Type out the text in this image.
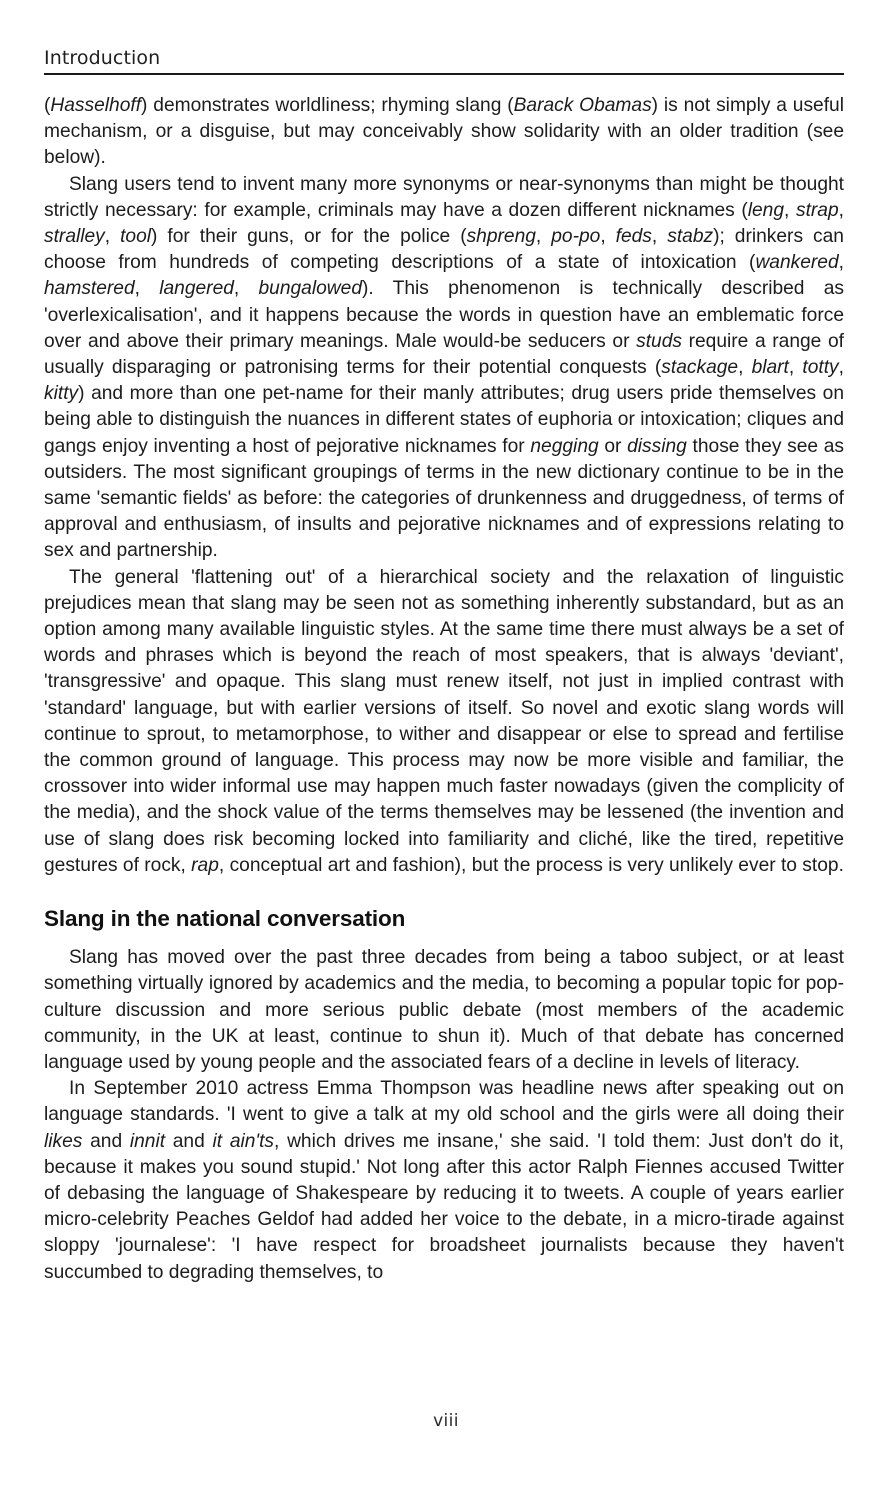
Introduction

(Hasselhoff) demonstrates worldliness; rhyming slang (Barack Obamas) is not simply a useful mechanism, or a disguise, but may conceivably show solidarity with an older tradition (see below).

Slang users tend to invent many more synonyms or near-synonyms than might be thought strictly necessary: for example, criminals may have a dozen different nicknames (leng, strap, stralley, tool) for their guns, or for the police (shpreng, po-po, feds, stabz); drinkers can choose from hundreds of competing descriptions of a state of intoxication (wankered, hamstered, langered, bungalowed). This phenomenon is technically described as 'overlexicalisation', and it happens because the words in question have an emblematic force over and above their primary meanings. Male would-be seducers or studs require a range of usually disparaging or patronising terms for their potential conquests (stackage, blart, totty, kitty) and more than one pet-name for their manly attributes; drug users pride themselves on being able to distinguish the nuances in different states of euphoria or intoxication; cliques and gangs enjoy inventing a host of pejorative nicknames for negging or dissing those they see as outsiders. The most significant groupings of terms in the new dictionary continue to be in the same 'semantic fields' as before: the categories of drunkenness and druggedness, of terms of approval and enthusiasm, of insults and pejorative nicknames and of expressions relating to sex and partnership.

The general 'flattening out' of a hierarchical society and the relaxation of linguistic prejudices mean that slang may be seen not as something inherently substandard, but as an option among many available linguistic styles. At the same time there must always be a set of words and phrases which is beyond the reach of most speakers, that is always 'deviant', 'transgressive' and opaque. This slang must renew itself, not just in implied contrast with 'standard' language, but with earlier versions of itself. So novel and exotic slang words will continue to sprout, to metamorphose, to wither and disappear or else to spread and fertilise the common ground of language. This process may now be more visible and familiar, the crossover into wider informal use may happen much faster nowadays (given the complicity of the media), and the shock value of the terms themselves may be lessened (the invention and use of slang does risk becoming locked into familiarity and cliché, like the tired, repetitive gestures of rock, rap, conceptual art and fashion), but the process is very unlikely ever to stop.

Slang in the national conversation

Slang has moved over the past three decades from being a taboo subject, or at least something virtually ignored by academics and the media, to becoming a popular topic for pop-culture discussion and more serious public debate (most members of the academic community, in the UK at least, continue to shun it). Much of that debate has concerned language used by young people and the associated fears of a decline in levels of literacy.

In September 2010 actress Emma Thompson was headline news after speaking out on language standards. 'I went to give a talk at my old school and the girls were all doing their likes and innit and it ain'ts, which drives me insane,' she said. 'I told them: Just don't do it, because it makes you sound stupid.' Not long after this actor Ralph Fiennes accused Twitter of debasing the language of Shakespeare by reducing it to tweets. A couple of years earlier micro-celebrity Peaches Geldof had added her voice to the debate, in a micro-tirade against sloppy 'journalese': 'I have respect for broadsheet journalists because they haven't succumbed to degrading themselves, to

viii
